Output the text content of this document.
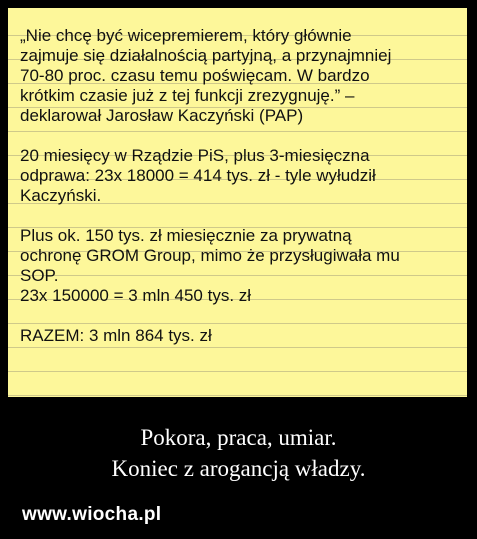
„Nie chcę być wicepremierem, który głównie
zajmuje się działalnością partyjną, a przynajmniej
70-80 proc. czasu temu poświęcam. W bardzo
krótkim czasie już z tej funkcji zrezygnuję.” –
deklarował Jarosław Kaczyński (PAP)
20 miesięcy w Rządzie PiS, plus 3-miesięczna
odprawa: 23x 18000 = 414 tys. zł - tyle wyłudził
Kaczyński.
Plus ok. 150 tys. zł miesięcznie za prywatną
ochronę GROM Group, mimo że przysługiwała mu
SOP.
23x 150000 = 3 mln 450 tys. zł
RAZEM: 3 mln 864 tys. zł
Pokora, praca, umiar.
Koniec z arogancją władzy.
www.wiocha.pl
